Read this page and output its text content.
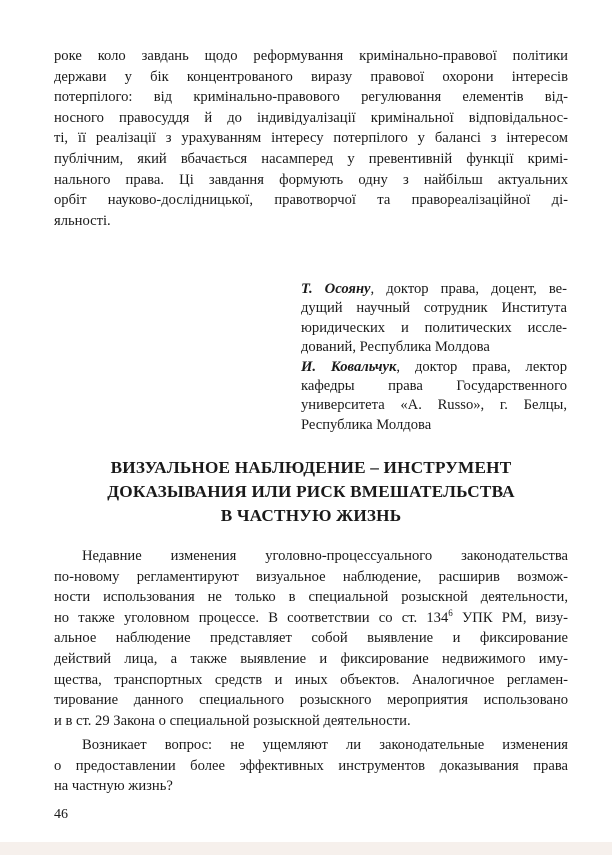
роке коло завдань щодо реформування кримінально-правової політики
держави у бік концентрованого виразу правової охорони інтересів
потерпілого: від кримінально-правового регулювання елементів від-
носного правосуддя й до індивідуалізації кримінальної відповідальнос-
ті, її реалізації з урахуванням інтересу потерпілого у балансі з інтересом
публічним, який вбачається насамперед у превентивній функції кримі-
нального права. Ці завдання формують одну з найбільш актуальних
орбіт науково-дослідницької, правотворчої та правореалізаційної ді-
яльності.
Т. Осояну, доктор права, доцент, ве-
дущий научный сотрудник Института
юридических и политических иссле-
дований, Республика Молдова
И. Ковальчук, доктор права, лектор
кафедры права Государственного
университета «A. Russo», г. Белцы,
Республика Молдова
ВИЗУАЛЬНОЕ НАБЛЮДЕНИЕ – ИНСТРУМЕНТ
ДОКАЗЫВАНИЯ ИЛИ РИСК ВМЕШАТЕЛЬСТВА
В ЧАСТНУЮ ЖИЗНЬ
Недавние изменения уголовно-процессуального законодательства
по-новому регламентируют визуальное наблюдение, расширив возмож-
ности использования не только в специальной розыскной деятельности,
но также уголовном процессе. В соответствии со ст. $134^6$ УПК РМ, визу-
альное наблюдение представляет собой выявление и фиксирование
действий лица, а также выявление и фиксирование недвижимого иму-
щества, транспортных средств и иных объектов. Аналогичное регламен-
тирование данного специального розыскного мероприятия использовано
и в ст. 29 Закона о специальной розыскной деятельности.
Возникает вопрос: не ущемляют ли законодательные изменения
о предоставлении более эффективных инструментов доказывания права
на частную жизнь?
46
